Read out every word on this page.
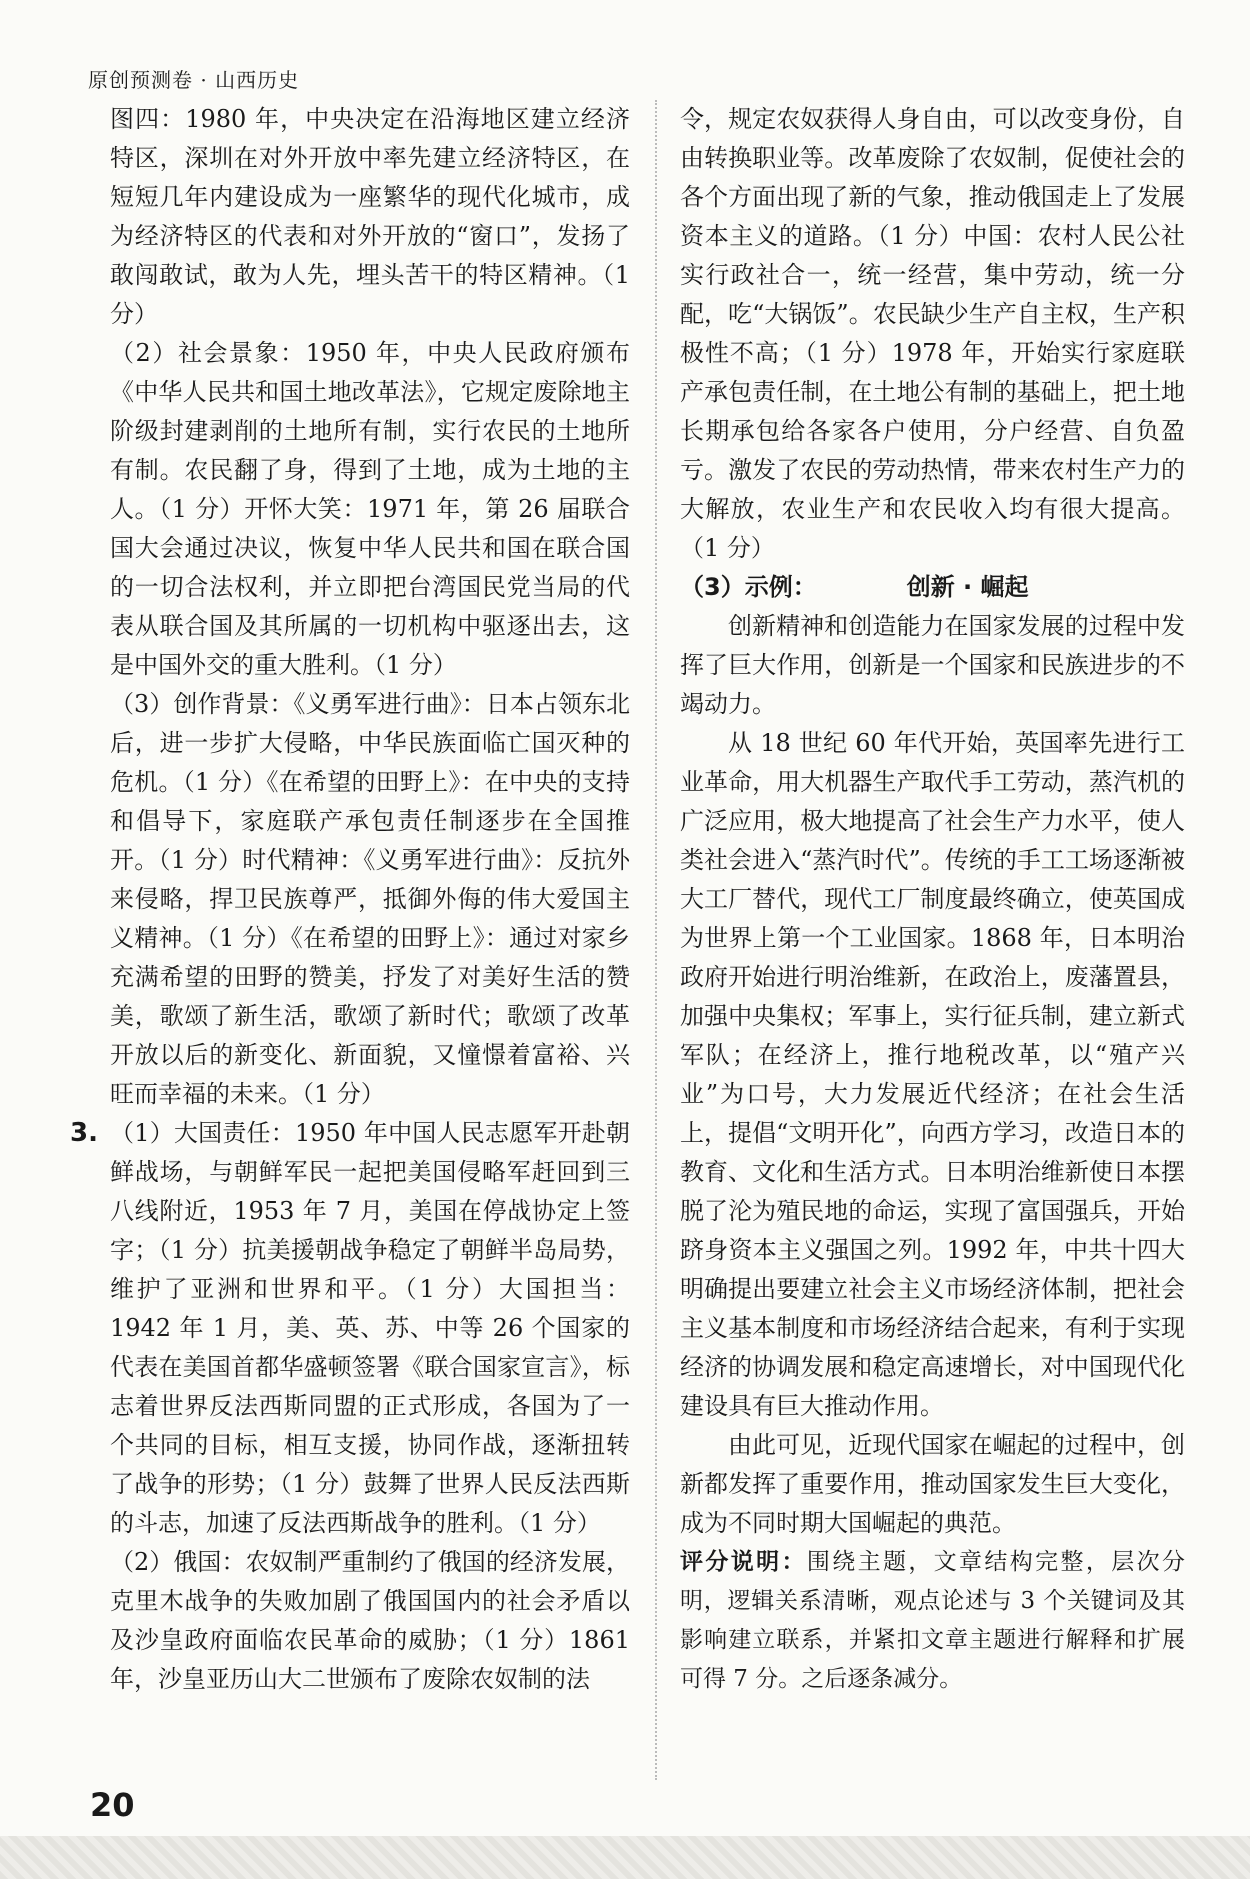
原创预测卷 · 山西历史

图四：1980 年，中央决定在沿海地区建立经济特区，深圳在对外开放中率先建立经济特区，在短短几年内建设成为一座繁华的现代化城市，成为经济特区的代表和对外开放的“窗口”，发扬了敢闯敢试，敢为人先，埋头苦干的特区精神。（1 分）

（2）社会景象：1950 年，中央人民政府颁布《中华人民共和国土地改革法》，它规定废除地主阶级封建剥削的土地所有制，实行农民的土地所有制。农民翻了身，得到了土地，成为土地的主人。（1 分）开怀大笑：1971 年，第 26 届联合国大会通过决议，恢复中华人民共和国在联合国的一切合法权利，并立即把台湾国民党当局的代表从联合国及其所属的一切机构中驱逐出去，这是中国外交的重大胜利。（1 分）

（3）创作背景：《义勇军进行曲》：日本占领东北后，进一步扩大侵略，中华民族面临亡国灭种的危机。（1 分）《在希望的田野上》：在中央的支持和倡导下，家庭联产承包责任制逐步在全国推开。（1 分）时代精神：《义勇军进行曲》：反抗外来侵略，捍卫民族尊严，抵御外侮的伟大爱国主义精神。（1 分）《在希望的田野上》：通过对家乡充满希望的田野的赞美，抒发了对美好生活的赞美，歌颂了新生活，歌颂了新时代；歌颂了改革开放以后的新变化、新面貌，又憧憬着富裕、兴旺而幸福的未来。（1 分）

3. （1）大国责任：1950 年中国人民志愿军开赴朝鲜战场，与朝鲜军民一起把美国侵略军赶回到三八线附近，1953 年 7 月，美国在停战协定上签字；（1 分）抗美援朝战争稳定了朝鲜半岛局势，维护了亚洲和世界和平。（1 分）大国担当：1942 年 1 月，美、英、苏、中等 26 个国家的代表在美国首都华盛顿签署《联合国家宣言》，标志着世界反法西斯同盟的正式形成，各国为了一个共同的目标，相互支援，协同作战，逐渐扭转了战争的形势；（1 分）鼓舞了世界人民反法西斯的斗志，加速了反法西斯战争的胜利。（1 分）

（2）俄国：农奴制严重制约了俄国的经济发展，克里木战争的失败加剧了俄国国内的社会矛盾以及沙皇政府面临农民革命的威胁；（1 分）1861 年，沙皇亚历山大二世颁布了废除农奴制的法

令，规定农奴获得人身自由，可以改变身份，自由转换职业等。改革废除了农奴制，促使社会的各个方面出现了新的气象，推动俄国走上了发展资本主义的道路。（1 分）中国：农村人民公社实行政社合一，统一经营，集中劳动，统一分配，吃“大锅饭”。农民缺少生产自主权，生产积极性不高；（1 分）1978 年，开始实行家庭联产承包责任制，在土地公有制的基础上，把土地长期承包给各家各户使用，分户经营、自负盈亏。激发了农民的劳动热情，带来农村生产力的大解放，农业生产和农民收入均有很大提高。（1 分）

（3）示例：	创新 · 崛起

创新精神和创造能力在国家发展的过程中发挥了巨大作用，创新是一个国家和民族进步的不竭动力。

从 18 世纪 60 年代开始，英国率先进行工业革命，用大机器生产取代手工劳动，蒸汽机的广泛应用，极大地提高了社会生产力水平，使人类社会进入“蒸汽时代”。传统的手工工场逐渐被大工厂替代，现代工厂制度最终确立，使英国成为世界上第一个工业国家。1868 年，日本明治政府开始进行明治维新，在政治上，废藩置县，加强中央集权；军事上，实行征兵制，建立新式军队；在经济上，推行地税改革，以“殖产兴业”为口号，大力发展近代经济；在社会生活上，提倡“文明开化”，向西方学习，改造日本的教育、文化和生活方式。日本明治维新使日本摆脱了沦为殖民地的命运，实现了富国强兵，开始跻身资本主义强国之列。1992 年，中共十四大明确提出要建立社会主义市场经济体制，把社会主义基本制度和市场经济结合起来，有利于实现经济的协调发展和稳定高速增长，对中国现代化建设具有巨大推动作用。

由此可见，近现代国家在崛起的过程中，创新都发挥了重要作用，推动国家发生巨大变化，成为不同时期大国崛起的典范。

评分说明：围绕主题，文章结构完整，层次分明，逻辑关系清晰，观点论述与 3 个关键词及其影响建立联系，并紧扣文章主题进行解释和扩展可得 7 分。之后逐条减分。

20
